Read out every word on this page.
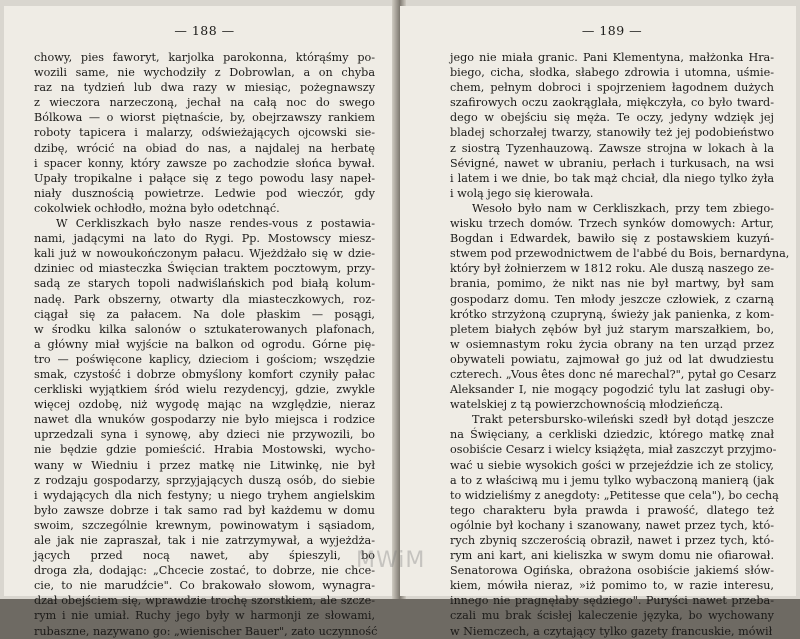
— 188 —
chowy, pies faworyt, karjolka parokonna, którąśmy po-
wozili same, nie wychodziły z Dobrowlan, a on chyba
raz na tydzień lub dwa razy w miesiąc, pożegnawszy
z wieczora narzeczoną, jechał na całą noc do swego
Bólkowa — o wiorst piętnaście, by, obejrzawszy rankiem
roboty tapicera i malarzy, odświeżających ojcowski sie-
dzibę, wrócić na obiad do nas, a najdalej na herbatę
i spacer konny, który zawsze po zachodzie słońca bywał.
Upały tropikalne i pałące się z tego powodu lasy napeł-
niały dusznością powietrze. Ledwie pod wieczór, gdy
cokolwiek ochłodło, można było odetchnąć.
W Cerkliszkach było nasze rendes-vous z postawia-
nami, jadącymi na lato do Rygi. Pp. Mostowscy miesz-
kali już w nowoukończonym pałacu. Wjeżdżało się w dzie-
dziniec od miasteczka Święcian traktem pocztowym, przy-
sadą ze starych topoli nadwiślańskich pod białą kolum-
nadę. Park obszerny, otwarty dla miasteczkowych, roz-
ciągał się za pałacem. Na dole płaskim — posągi,
w środku kilka salonów o sztukaterowanych plafonach,
a główny miał wyjście na balkon od ogrodu. Górne pię-
tro — poświęcone kaplicy, dzieciom i gościom; wszędzie
smak, czystość i dobrze obmyślony komfort czyniły pałac
cerkliski wyjątkiem śród wielu rezydencyj, gdzie, zwykle
więcej ozdobę, niż wygodę mając na względzie, nieraz
nawet dla wnuków gospodarzy nie było miejsca i rodzice
uprzedzali syna i synowę, aby dzieci nie przywozili, bo
nie będzie gdzie pomieścić. Hrabia Mostowski, wycho-
wany w Wiedniu i przez matkę nie Litwinkę, nie był
z rodzaju gospodarzy, sprzyjających duszą osób, do siebie
i wydających dla nich festyny; u niego tryhem angielskim
było zawsze dobrze i tak samo rad był każdemu w domu
swoim, szczególnie krewnym, powinowatym i sąsiadom,
ale jak nie zapraszał, tak i nie zatrzymywał, a wyjeżdża-
jących przed nocą nawet, aby śpieszyli, bo
droga zła, dodając: „Chcecie zostać, to dobrze, nie chce-
cie, to nie marudźcie". Co brakowało słowom, wynagra-
dzał obejściem się, wprawdzie trochę szorstkiem, ale szcze-
rym i nie umiał. Ruchy jego były w harmonji ze słowami,
rubaszne, nazywano go: „wienischer Bauer", zato uczynność
— 189 —
jego nie miała granic. Pani Klementyna, małżonka Hra-
biego, cicha, słodka, słabego zdrowia i utomna, uśmie-
chem, pełnym dobroci i spojrzeniem łagodnem dużych
szafirowych oczu zaokrąglała, miękczyła, co było tward-
dego w obejściu się męża. Te oczy, jedyny wdzięk jej
bladej schorzałej twarzy, stanowiły też jej podobieństwo
z siostrą Tyzenhauzową. Zawsze strojna w lokach à la
Sévigné, nawet w ubraniu, perłach i turkusach, na wsi
i latem i we dnie, bo tak mąż chciał, dla niego tylko żyła
i wolą jego się kierowała.
Wesoło było nam w Cerkliszkach, przy tem zbiego-
wisku trzech domów. Trzech synków domowych: Artur,
Bogdan i Edwardek, bawiło się z postawskiem kuzyń-
stwem pod przewodnictwem de l'abbé du Bois, bernardyna,
który był żołnierzem w 1812 roku. Ale duszą naszego ze-
brania, pomimo, że nikt nas nie był martwy, był sam
gospodarz domu. Ten młody jeszcze człowiek, z czarną
krótko strzyżoną czupryną, świeży jak panienka, z kom-
pletem białych zębów był już starym marszałkiem, bo,
w osiemnastym roku życia obrany na ten urząd przez
obywateli powiatu, zajmował go już od lat dwudziestu
czterech. „Vous êtes donc né marechal?", pytał go Cesarz
Aleksander I, nie mogący pogodzić tylu lat zasługi oby-
watelskiej z tą powierzchownością młodzieńczą.
Trakt petersbursko-wileński szedł był dotąd jeszcze
na Święciany, a cerkliski dziedzic, którego matkę znał
osobiście Cesarz i wielcy książęta, miał zaszczyt przyjmo-
wać u siebie wysokich gości w przejeździe ich ze stolicy,
a to z właściwą mu i jemu tylko wybaczoną manierą (jak
to widzieliśmy z anegdoty: „Petitesse que cela"), bo cechą
tego charakteru była prawda i prawość, dlatego też
ogólnie był kochany i szanowany, nawet przez tych, któ-
rych zbyniq szczerością obraził, nawet i przez tych, któ-
rym ani kart, ani kieliszka w swym domu nie ofiarował.
Senatorowa Ogińska, obrażona osobiście jakiemś słów-
kiem, mówiła nieraz, »iż pomimo to, w razie interesu,
innego nie pragnęłaby sędziego". Puryści nawet przeba-
czali mu brak ścisłej kaleczenie języka, bo wychowany
w Niemczech, a czytający tylko gazety francuskie, mówił
MWiM
